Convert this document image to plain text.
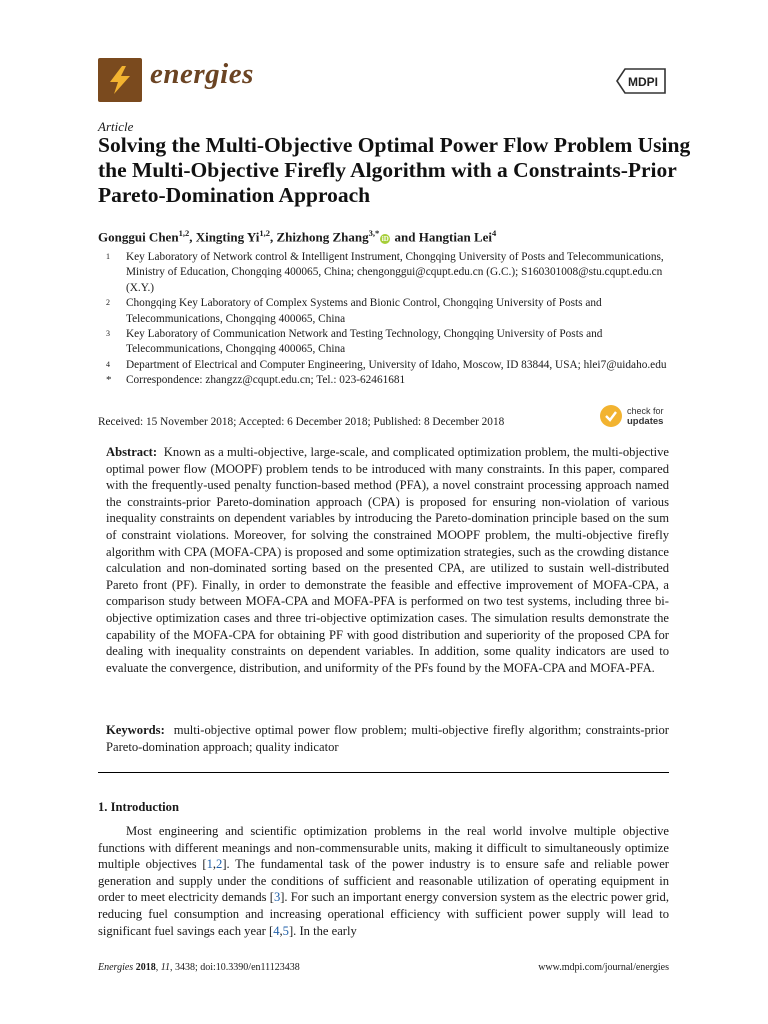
energies	MDPI
Article
Solving the Multi-Objective Optimal Power Flow Problem Using the Multi-Objective Firefly Algorithm with a Constraints-Prior Pareto-Domination Approach
Gonggui Chen$^{1,2}$, Xingting Yi$^{1,2}$, Zhizhong Zhang$^{3,*}$iD and Hangtian Lei$^4$
1 Key Laboratory of Network control & Intelligent Instrument, Chongqing University of Posts and Telecommunications, Ministry of Education, Chongqing 400065, China; chengonggui@cqupt.edu.cn (G.C.); S160301008@stu.cqupt.edu.cn (X.Y.)
2 Chongqing Key Laboratory of Complex Systems and Bionic Control, Chongqing University of Posts and Telecommunications, Chongqing 400065, China
3 Key Laboratory of Communication Network and Testing Technology, Chongqing University of Posts and Telecommunications, Chongqing 400065, China
4 Department of Electrical and Computer Engineering, University of Idaho, Moscow, ID 83844, USA; hlei7@uidaho.edu
* Correspondence: zhangzz@cqupt.edu.cn; Tel.: 023-62461681
Received: 15 November 2018; Accepted: 6 December 2018; Published: 8 December 2018
check for
updates
Abstract: Known as a multi-objective, large-scale, and complicated optimization problem, the multi-objective optimal power flow (MOOPF) problem tends to be introduced with many constraints. In this paper, compared with the frequently-used penalty function-based method (PFA), a novel constraint processing approach named the constraints-prior Pareto-domination approach (CPA) is proposed for ensuring non-violation of various inequality constraints on dependent variables by introducing the Pareto-domination principle based on the sum of constraint violations. Moreover, for solving the constrained MOOPF problem, the multi-objective firefly algorithm with CPA (MOFA-CPA) is proposed and some optimization strategies, such as the crowding distance calculation and non-dominated sorting based on the presented CPA, are utilized to sustain well-distributed Pareto front (PF). Finally, in order to demonstrate the feasible and effective improvement of MOFA-CPA, a comparison study between MOFA-CPA and MOFA-PFA is performed on two test systems, including three bi-objective optimization cases and three tri-objective optimization cases. The simulation results demonstrate the capability of the MOFA-CPA for obtaining PF with good distribution and superiority of the proposed CPA for dealing with inequality constraints on dependent variables. In addition, some quality indicators are used to evaluate the convergence, distribution, and uniformity of the PFs found by the MOFA-CPA and MOFA-PFA.
Keywords: multi-objective optimal power flow problem; multi-objective firefly algorithm; constraints-prior Pareto-domination approach; quality indicator
1. Introduction
Most engineering and scientific optimization problems in the real world involve multiple objective functions with different meanings and non-commensurable units, making it difficult to simultaneously optimize multiple objectives [1,2]. The fundamental task of the power industry is to ensure safe and reliable power generation and supply under the conditions of sufficient and reasonable utilization of operating equipment in order to meet electricity demands [3]. For such an important energy conversion system as the electric power grid, reducing fuel consumption and increasing operational efficiency with sufficient power supply will lead to significant fuel savings each year [4,5]. In the early
Energies 2018, 11, 3438; doi:10.3390/en11123438	www.mdpi.com/journal/energies
